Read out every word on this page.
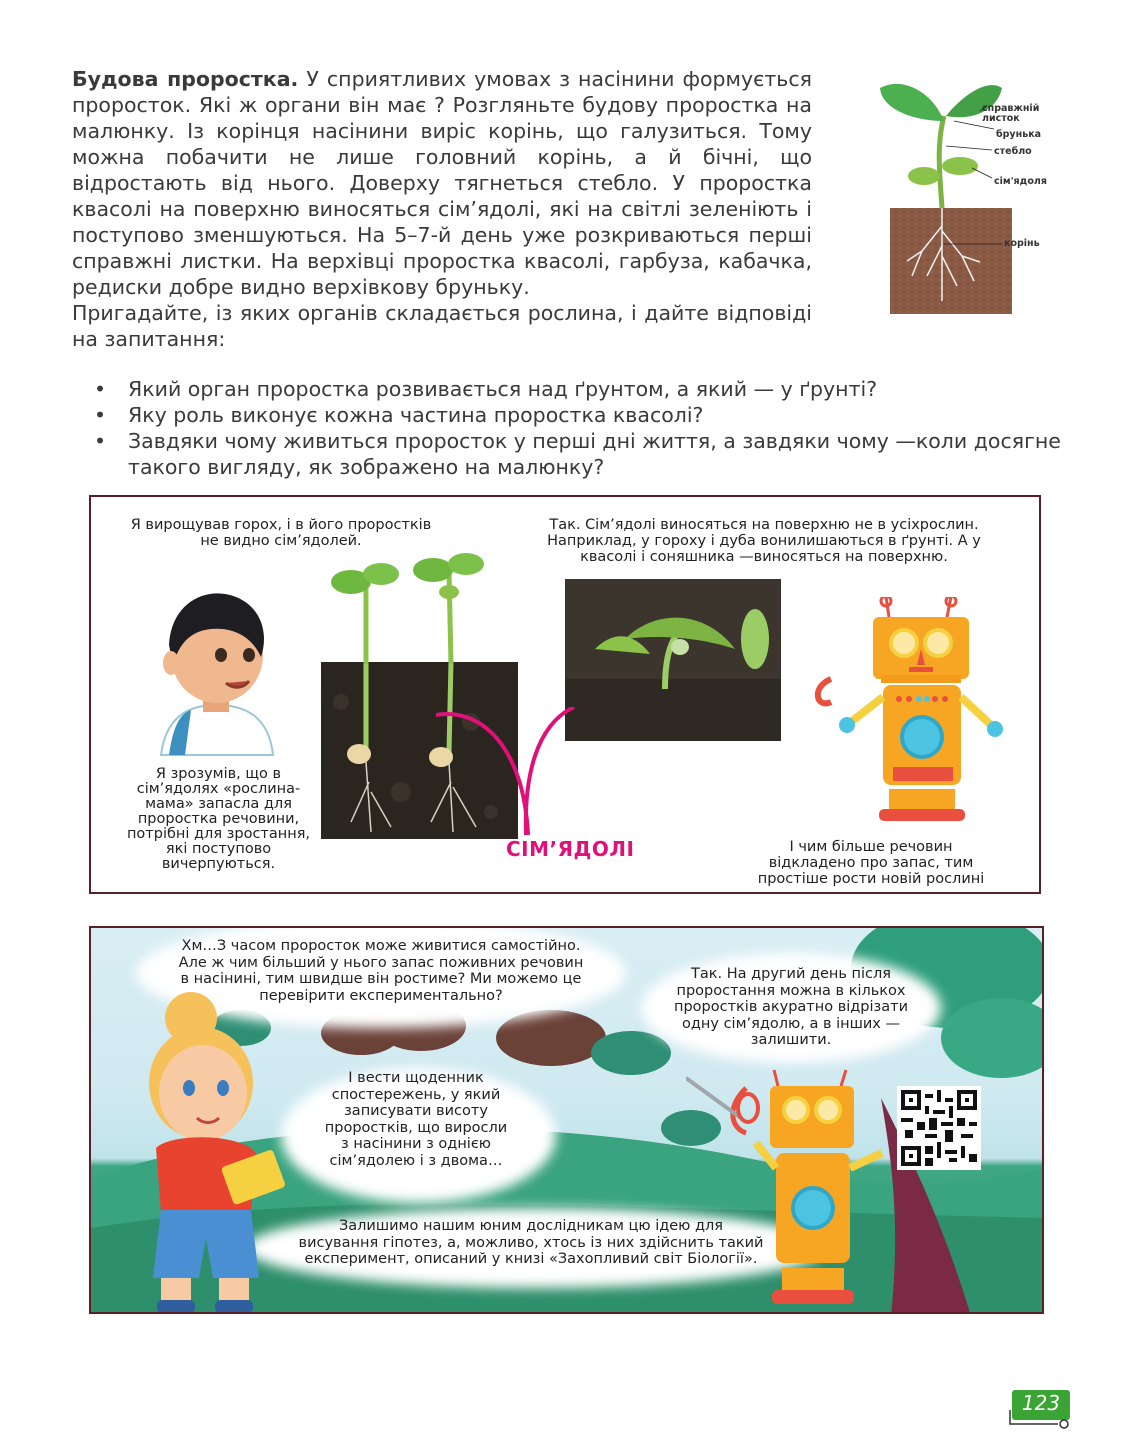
Будова проростка. У сприятливих умовах з насінини формується проросток. Які ж органи він має ? Розгляньте будову проростка на малюнку. Із корінця насінини виріс корінь, що галузиться. Тому можна побачити не лише головний корінь, а й бічні, що відростають від нього. Доверху тягнеться стебло. У проростка квасолі на поверхню виносяться сім’ядолі, які на світлі зеленіють і поступово зменшуються. На 5–7-й день уже розкриваються перші справжні листки. На верхівці проростка квасолі, гарбуза, кабачка, редиски добре видно верхівкову бруньку.
Пригадайте, із яких органів складається рослина, і дайте відповіді на запитання:

• Який орган проростка розвивається над ґрунтом, а який — у ґрунті?
• Яку роль виконує кожна частина проростка квасолі?
• Завдяки чому живиться проросток у перші дні життя, а завдяки чому —коли досягне такого вигляду, як зображено на малюнку?
справжній
листок
брунька
стебло
сім'ядоля
корінь
Я вирощував горох, і в його проростків
не видно сім’ядолей.
Так. Сім’ядолі виносяться на поверхню не в усіхрослин.
Наприклад, у гороху і дуба вонилишаються в ґрунті. А у
квасолі і соняшника —виносяться на поверхню.
Я зрозумів, що в
сім’ядолях «рослина-
мама» запасла для
проростка речовини,
потрібні для зростання,
які поступово
вичерпуються.
СІМ’ЯДОЛІ	І чим більше речовин
відкладено про запас, тим
простіше рости новій рослині
Хм…З часом проросток може живитися самостійно.
Але ж чим більший у нього запас поживних речовин
в насінині, тим швидше він ростиме? Ми можемо це
перевірити експериментально?
Так. На другий день після
проростання можна в кількох
проростків акуратно відрізати
одну сім’ядолю, а в інших —
залишити.
І вести щоденник
спостережень, у який
записувати висоту
проростків, що виросли
з насінини з однією
сім’ядолею і з двома…
Залишимо нашим юним дослідникам цю ідею для
висування гіпотез, а, можливо, хтось із них здійснить такий
експеримент, описаний у книзі «Захопливий світ Біології».
123
